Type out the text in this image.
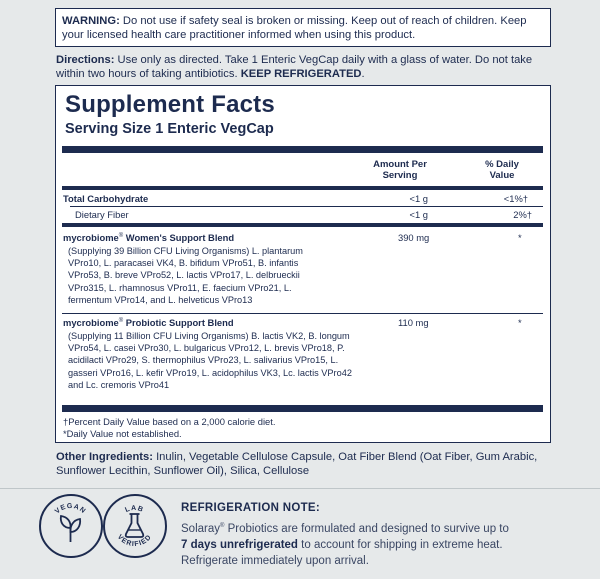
WARNING: Do not use if safety seal is broken or missing. Keep out of reach of children. Keep your licensed health care practitioner informed when using this product.
Directions: Use only as directed. Take 1 Enteric VegCap daily with a glass of water. Do not take within two hours of taking antibiotics. KEEP REFRIGERATED.
Supplement Facts
Serving Size 1 Enteric VegCap
Amount Per Serving
% Daily Value
Total Carbohydrate	<1 g	<1%†
Dietary Fiber	<1 g	2%†
mycrobiome® Women's Support Blend	390 mg	*
(Supplying 39 Billion CFU Living Organisms) L. plantarum VPro10, L. paracasei VK4, B. bifidum VPro51, B. infantis VPro53, B. breve VPro52, L. lactis VPro17, L. delbrueckii VPro315, L. rhamnosus VPro11, E. faecium VPro21, L. fermentum VPro14, and L. helveticus VPro13
mycrobiome® Probiotic Support Blend	110 mg	*
(Supplying 11 Billion CFU Living Organisms) B. lactis VK2, B. longum VPro54, L. casei VPro30, L. bulgaricus VPro12, L. brevis VPro18, P. acidilacti VPro29, S. thermophilus VPro23, L. salivarius VPro15, L. gasseri VPro16, L. kefir VPro19, L. acidophilus VK3, Lc. lactis VPro42 and Lc. cremoris VPro41
†Percent Daily Value based on a 2,000 calorie diet.
*Daily Value not established.
Other Ingredients: Inulin, Vegetable Cellulose Capsule, Oat Fiber Blend (Oat Fiber, Gum Arabic, Sunflower Lecithin, Sunflower Oil), Silica, Cellulose
VEGAN	LAB
VERIFIED
REFRIGERATION NOTE:
Solaray® Probiotics are formulated and designed to survive up to
7 days unrefrigerated to account for shipping in extreme heat.
Refrigerate immediately upon arrival.
